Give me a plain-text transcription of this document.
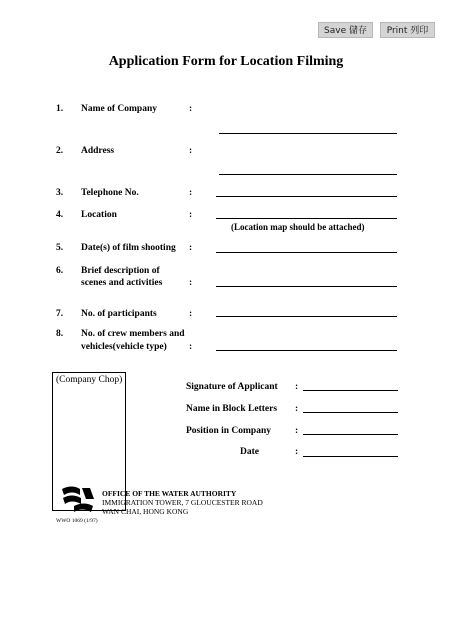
Save 儲存	Print 列印
Application Form for Location Filming
1. Name of Company	:
2. Address	:
3. Telephone No.	:
4. Location	:
(Location map should be attached)
5. Date(s) of film shooting :
6. Brief description of
scenes and activities	:
7. No. of participants	:
8. No. of crew members and
vehicles(vehicle type) :
(Company Chop)
Signature of Applicant :
Name in Block Letters :
Position in Company	:
Date	:
OFFICE OF THE WATER AUTHORITY
IMMIGRATION TOWER, 7 GLOUCESTER ROAD
WAN CHAI, HONG KONG
WWO 1069 (1/97)
